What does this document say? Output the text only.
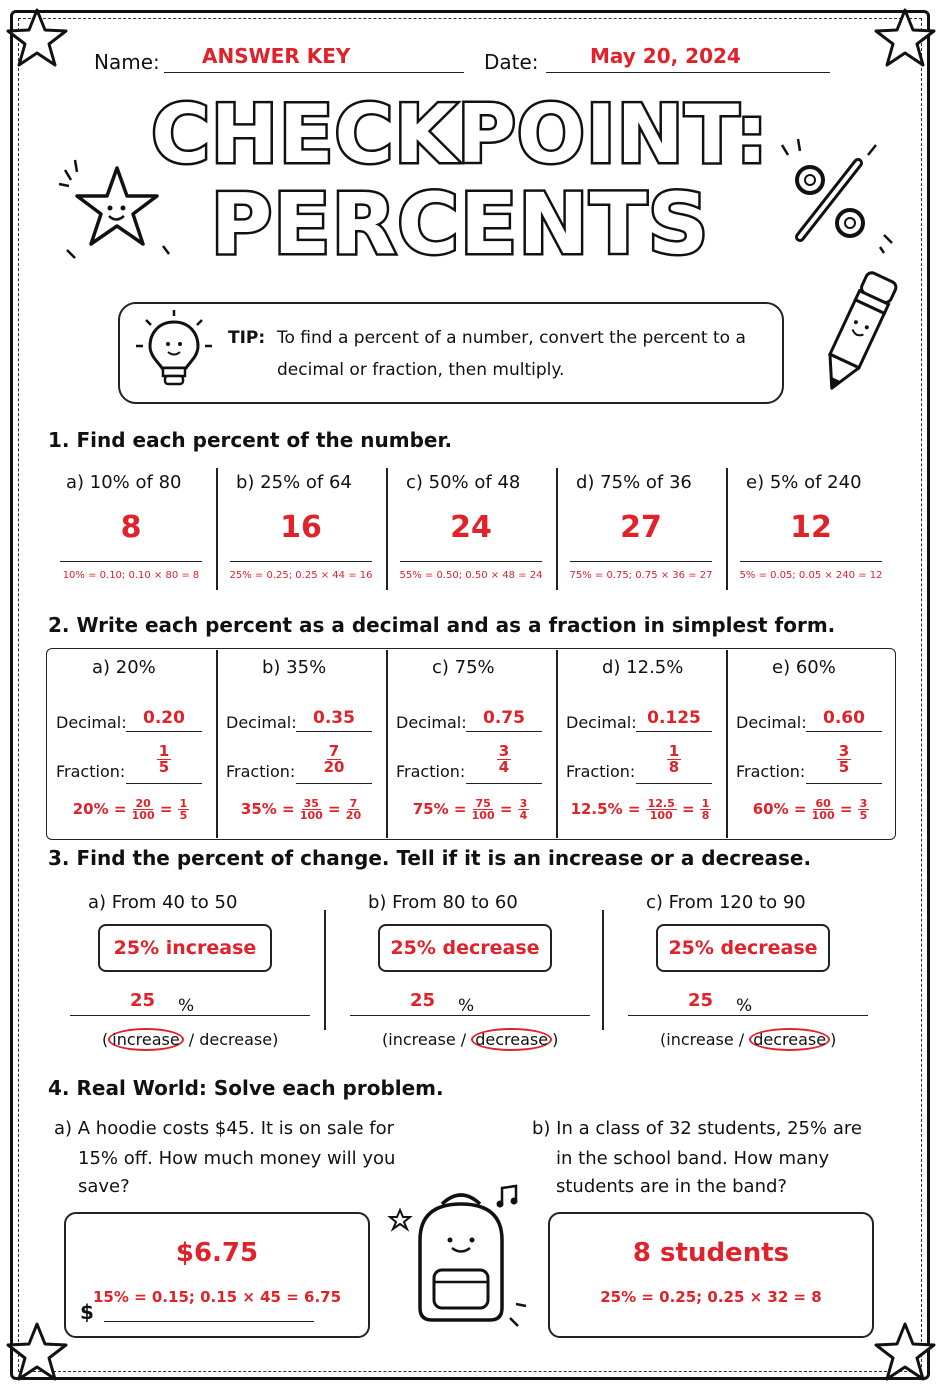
Name: ANSWER KEY	Date:	May 20, 2024
CHECKPOINT:
PERCENTS
TIP: To find a percent of a number, convert the percent to a
decimal or fraction, then multiply.
1. Find each percent of the number.
a) 10% of 80
8
10% = 0.10; 0.10 × 80 = 8
b) 25% of 64
16
25% = 0.25; 0.25 × 44 = 16
c) 50% of 48
24
55% = 0.50; 0.50 × 48 = 24
d) 75% of 36
27
75% = 0.75; 0.75 × 36 = 27
e) 5% of 240
12
5% = 0.05; 0.05 × 240 = 12
2. Write each percent as a decimal and as a fraction in simplest form.
a) 20%
Decimal: 0.20
Fraction: $\frac{1}{5}$
$20\% = \frac{20}{100} = \frac{1}{5}$
b) 35%
Decimal: 0.35
Fraction: $\frac{7}{20}$
$35\% = \frac{35}{100} = \frac{7}{20}$
c) 75%
Decimal: 0.75
Fraction: $\frac{3}{4}$
$75\% = \frac{75}{100} = \frac{3}{4}$
d) 12.5%
Decimal: 0.125
Fraction: $\frac{1}{8}$
$12.5\% = \frac{12.5}{100} = \frac{1}{8}$
e) 60%
Decimal: 0.60
Fraction: $\frac{3}{5}$
$60\% = \frac{60}{100} = \frac{3}{5}$
3. Find the percent of change. Tell if it is an increase or a decrease.
a) From 40 to 50
25% increase
25 %
( increase / decrease)
b) From 80 to 60
25% decrease
25 %
(increase / decrease )
c) From 120 to 90
25% decrease
25 %
(increase / decrease )
4. Real World: Solve each problem.
a) A hoodie costs $45. It is on sale for
15% off. How much money will you
save?
$6.75
15% = 0.15; 0.15 × 45 = 6.75
$
b) In a class of 32 students, 25% are
in the school band. How many
students are in the band?
8 students
25% = 0.25; 0.25 × 32 = 8
